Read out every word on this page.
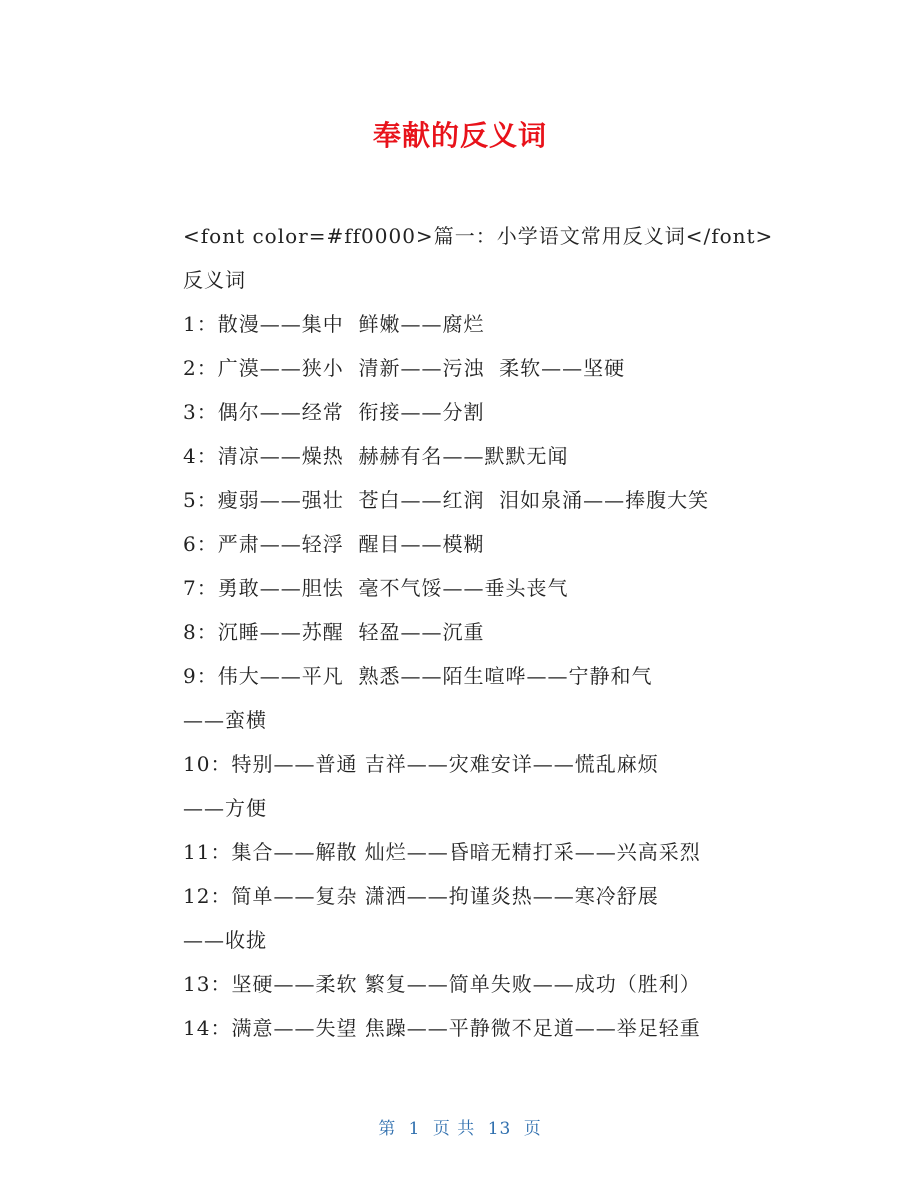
奉献的反义词
<font color=#ff0000>篇一：小学语文常用反义词</font>
反义词
1：散漫——集中  鲜嫩——腐烂
2：广漠——狭小  清新——污浊  柔软——坚硬
3：偶尔——经常  衔接——分割
4：清凉——燥热  赫赫有名——默默无闻
5：瘦弱——强壮  苍白——红润  泪如泉涌——捧腹大笑
6：严肃——轻浮  醒目——模糊
7：勇敢——胆怯  毫不气馁——垂头丧气
8：沉睡——苏醒  轻盈——沉重
9：伟大——平凡  熟悉——陌生喧哗——宁静和气
——蛮横
10：特别——普通 吉祥——灾难安详——慌乱麻烦
——方便
11：集合——解散 灿烂——昏暗无精打采——兴高采烈
12：简单——复杂 潇洒——拘谨炎热——寒冷舒展
——收拢
13：坚硬——柔软 繁复——简单失败——成功（胜利）
14：满意——失望 焦躁——平静微不足道——举足轻重
第 1 页 共 13 页
